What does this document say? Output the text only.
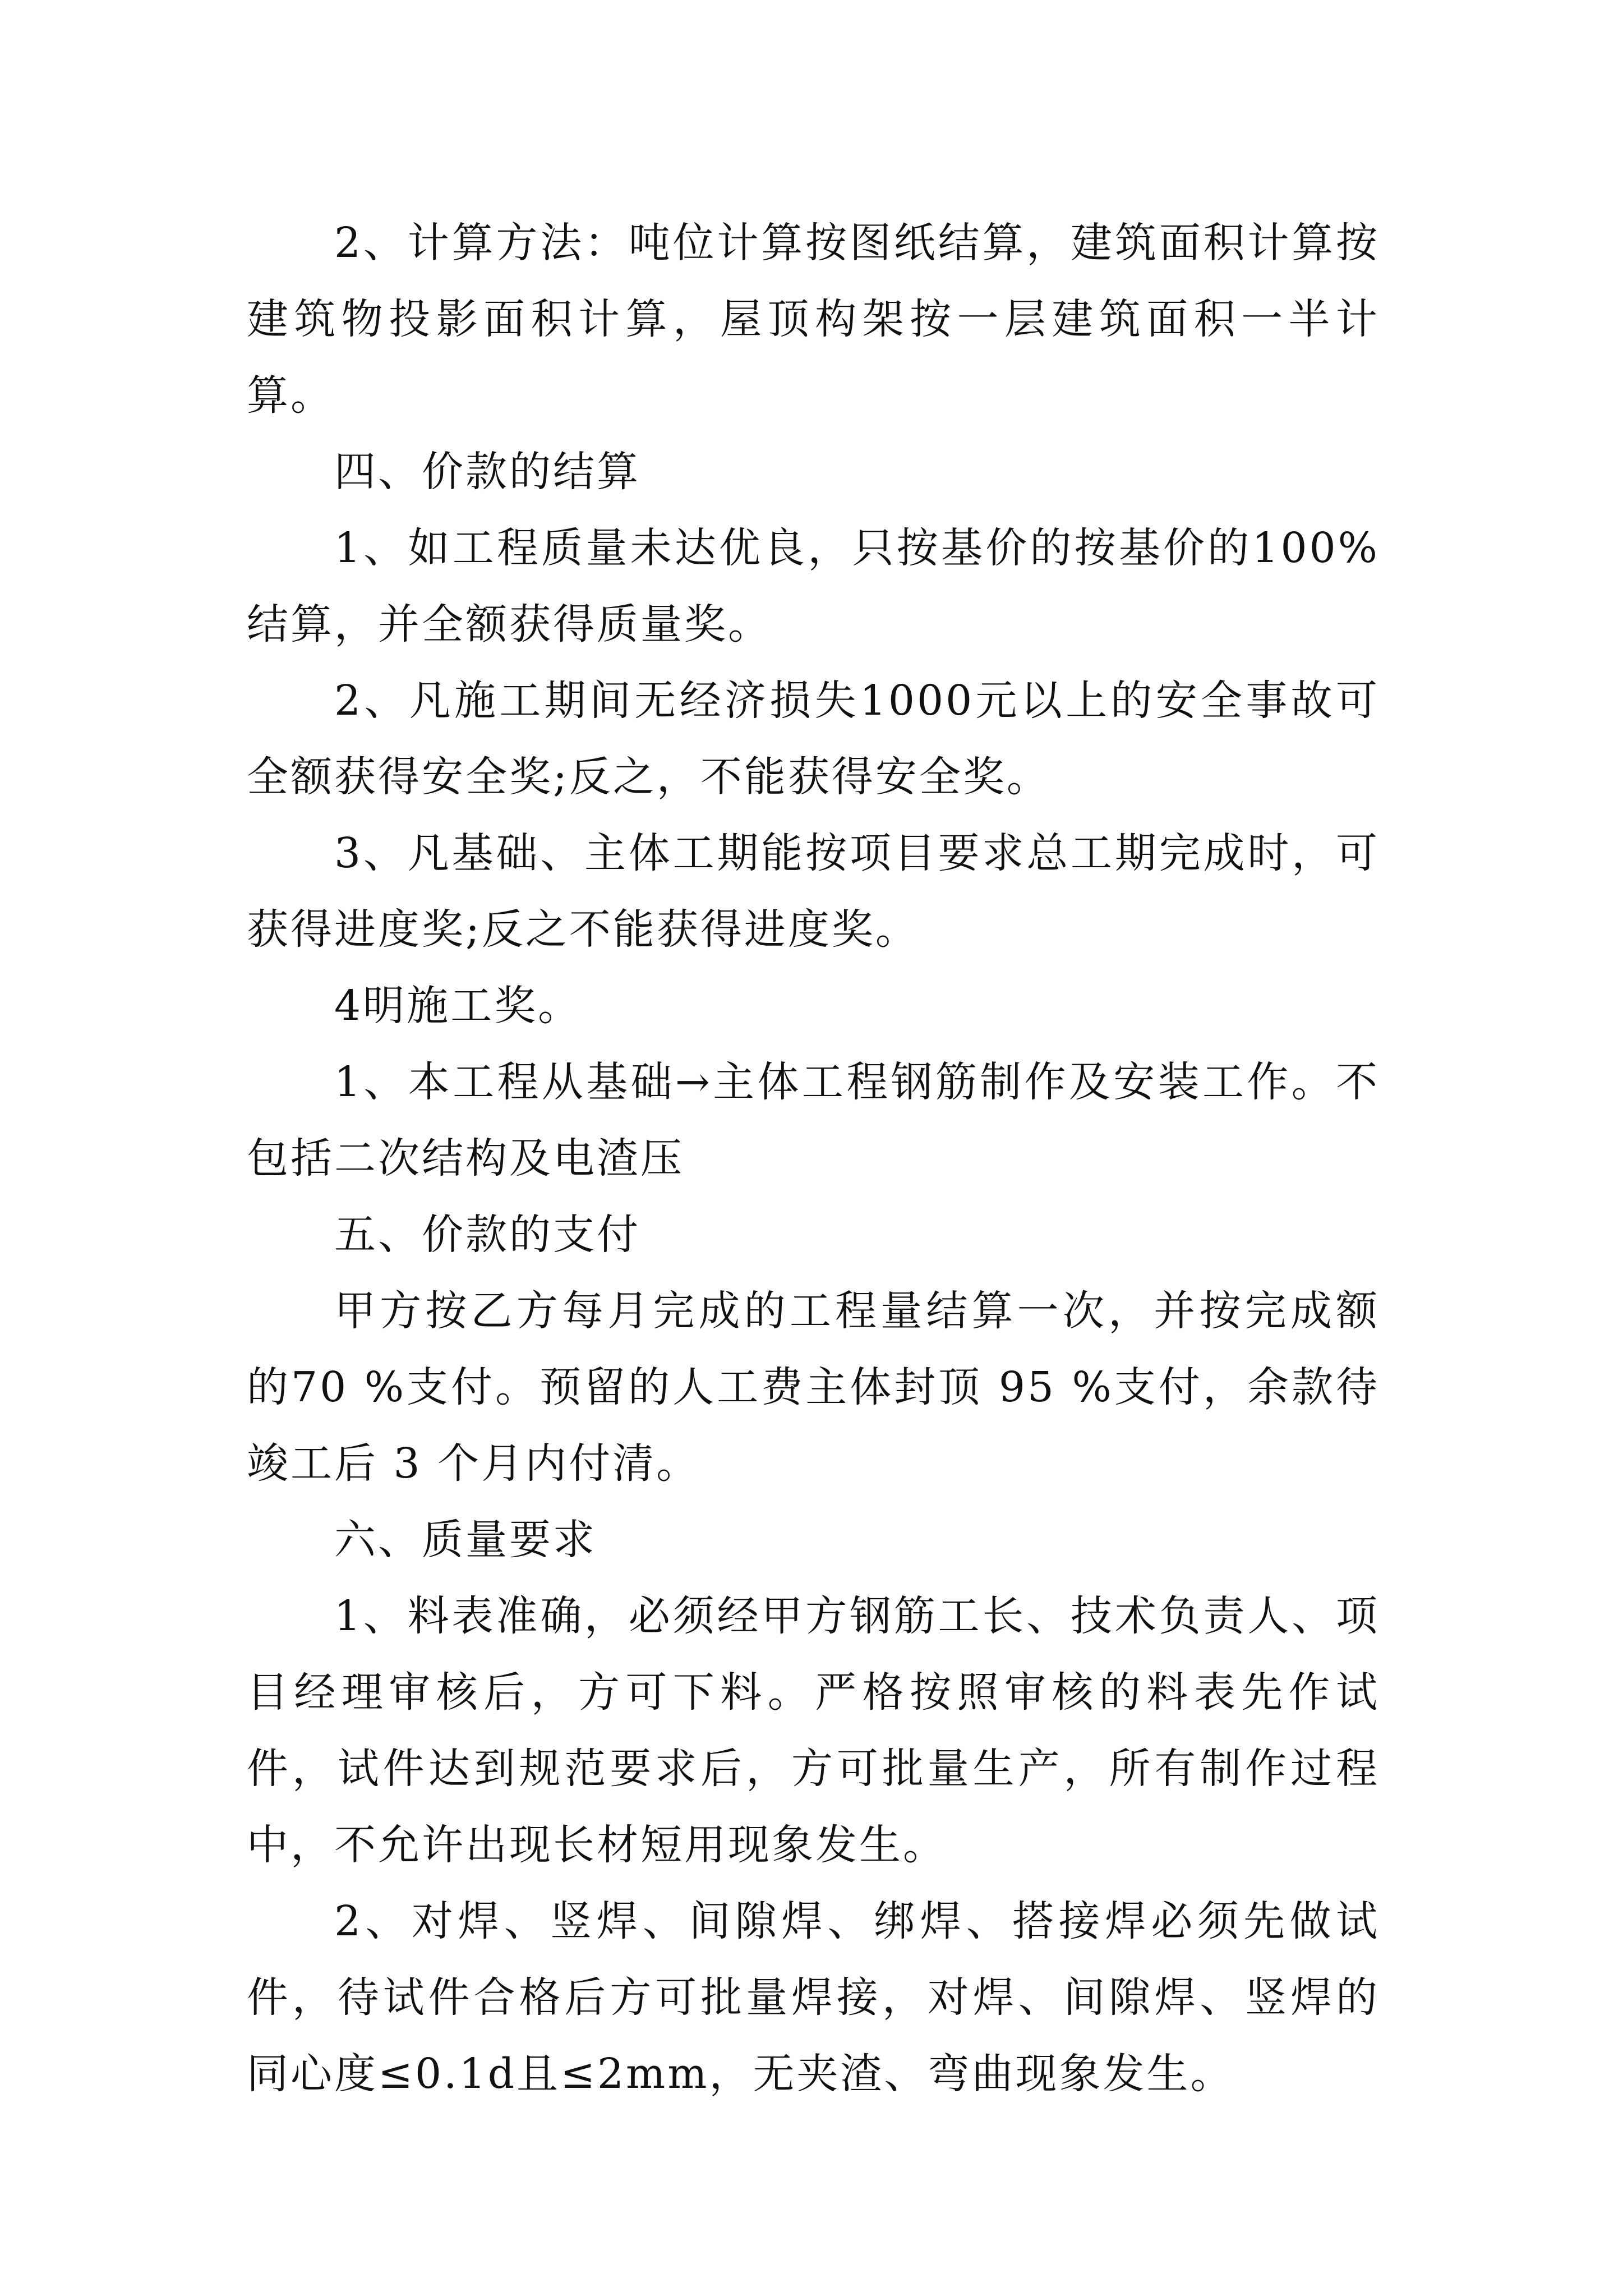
2、计算方法：吨位计算按图纸结算，建筑面积计算按建筑物投影面积计算，屋顶构架按一层建筑面积一半计算。

四、价款的结算

1、如工程质量未达优良，只按基价的按基价的100%结算，并全额获得质量奖。

2、凡施工期间无经济损失1000元以上的安全事故可全额获得安全奖;反之，不能获得安全奖。

3、凡基础、主体工期能按项目要求总工期完成时，可获得进度奖;反之不能获得进度奖。

4明施工奖。

1、本工程从基础→主体工程钢筋制作及安装工作。不包括二次结构及电渣压

五、价款的支付

甲方按乙方每月完成的工程量结算一次，并按完成额的70 %支付。预留的人工费主体封顶 95 %支付，余款待竣工后 3 个月内付清。

六、质量要求

1、料表准确，必须经甲方钢筋工长、技术负责人、项目经理审核后，方可下料。严格按照审核的料表先作试件，试件达到规范要求后，方可批量生产，所有制作过程中，不允许出现长材短用现象发生。

2、对焊、竖焊、间隙焊、绑焊、搭接焊必须先做试件，待试件合格后方可批量焊接，对焊、间隙焊、竖焊的同心度≤0.1d且≤2mm，无夹渣、弯曲现象发生。
